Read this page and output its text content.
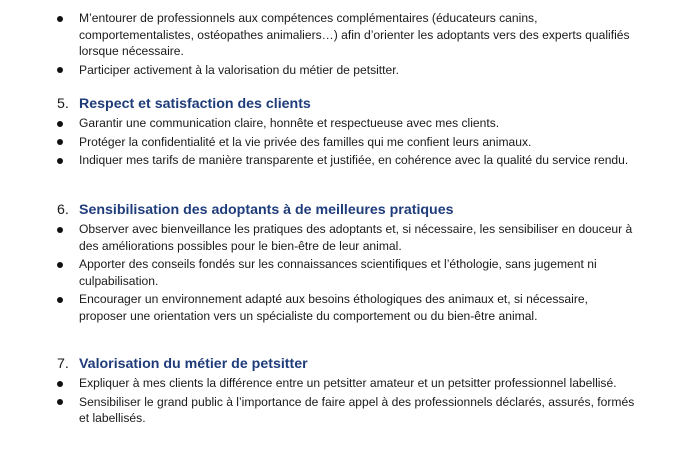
M’entourer de professionnels aux compétences complémentaires (éducateurs canins, comportementalistes, ostéopathes animaliers…) afin d’orienter les adoptants vers des experts qualifiés lorsque nécessaire.
Participer activement à la valorisation du métier de petsitter.
5. Respect et satisfaction des clients
Garantir une communication claire, honnête et respectueuse avec mes clients.
Protéger la confidentialité et la vie privée des familles qui me confient leurs animaux.
Indiquer mes tarifs de manière transparente et justifiée, en cohérence avec la qualité du service rendu.
6. Sensibilisation des adoptants à de meilleures pratiques
Observer avec bienveillance les pratiques des adoptants et, si nécessaire, les sensibiliser en douceur à des améliorations possibles pour le bien-être de leur animal.
Apporter des conseils fondés sur les connaissances scientifiques et l’éthologie, sans jugement ni culpabilisation.
Encourager un environnement adapté aux besoins éthologiques des animaux et, si nécessaire, proposer une orientation vers un spécialiste du comportement ou du bien-être animal.
7. Valorisation du métier de petsitter
Expliquer à mes clients la différence entre un petsitter amateur et un petsitter professionnel labellisé.
Sensibiliser le grand public à l’importance de faire appel à des professionnels déclarés, assurés, formés et labellisés.
